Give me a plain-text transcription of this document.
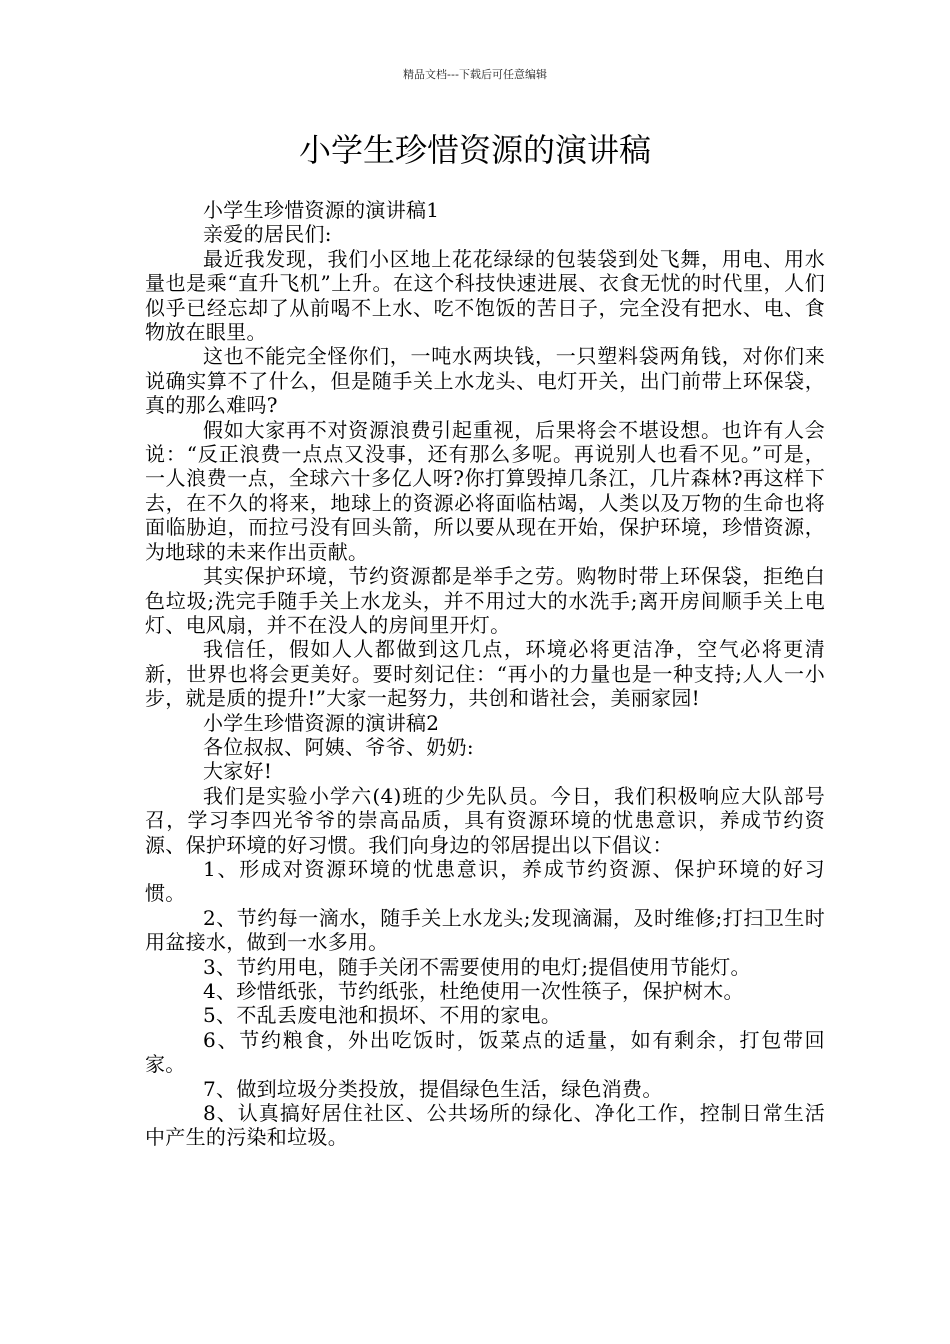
精品文档---下载后可任意编辑
小学生珍惜资源的演讲稿

小学生珍惜资源的演讲稿1

亲爱的居民们:

最近我发现，我们小区地上花花绿绿的包装袋到处飞舞，用电、用水量也是乘“直升飞机”上升。在这个科技快速进展、衣食无忧的时代里，人们似乎已经忘却了从前喝不上水、吃不饱饭的苦日子，完全没有把水、电、食物放在眼里。

这也不能完全怪你们，一吨水两块钱，一只塑料袋两角钱，对你们来说确实算不了什么，但是随手关上水龙头、电灯开关，出门前带上环保袋，真的那么难吗?

假如大家再不对资源浪费引起重视，后果将会不堪设想。也许有人会说：“反正浪费一点点又没事，还有那么多呢。再说别人也看不见。”可是，一人浪费一点，全球六十多亿人呀?你打算毁掉几条江，几片森林?再这样下去，在不久的将来，地球上的资源必将面临枯竭，人类以及万物的生命也将面临胁迫，而拉弓没有回头箭，所以要从现在开始，保护环境，珍惜资源，为地球的未来作出贡献。

其实保护环境，节约资源都是举手之劳。购物时带上环保袋，拒绝白色垃圾;洗完手随手关上水龙头，并不用过大的水洗手;离开房间顺手关上电灯、电风扇，并不在没人的房间里开灯。

我信任，假如人人都做到这几点，环境必将更洁净，空气必将更清新，世界也将会更美好。要时刻记住：“再小的力量也是一种支持;人人一小步，就是质的提升!”大家一起努力，共创和谐社会，美丽家园!

小学生珍惜资源的演讲稿2

各位叔叔、阿姨、爷爷、奶奶:

大家好!

我们是实验小学六(4)班的少先队员。今日，我们积极响应大队部号召，学习李四光爷爷的崇高品质，具有资源环境的忧患意识，养成节约资源、保护环境的好习惯。我们向身边的邻居提出以下倡议：

1、形成对资源环境的忧患意识，养成节约资源、保护环境的好习惯。

2、节约每一滴水，随手关上水龙头;发现滴漏，及时维修;打扫卫生时用盆接水，做到一水多用。

3、节约用电，随手关闭不需要使用的电灯;提倡使用节能灯。

4、珍惜纸张，节约纸张，杜绝使用一次性筷子，保护树木。

5、不乱丢废电池和损坏、不用的家电。

6、节约粮食，外出吃饭时，饭菜点的适量，如有剩余，打包带回家。

7、做到垃圾分类投放，提倡绿色生活，绿色消费。

8、认真搞好居住社区、公共场所的绿化、净化工作，控制日常生活中产生的污染和垃圾。
